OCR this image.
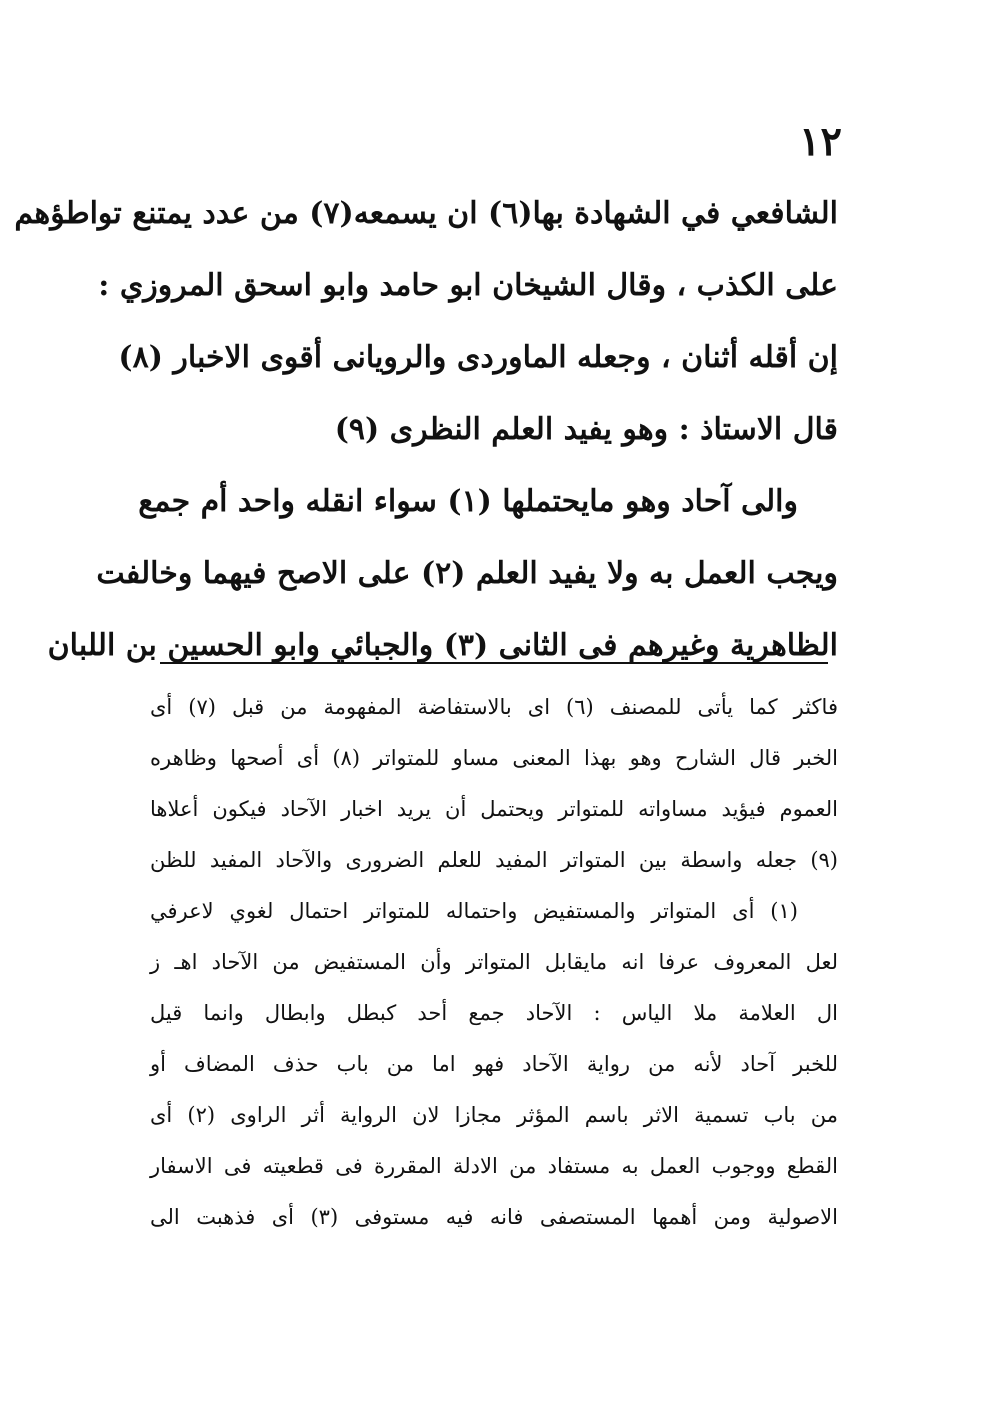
١٢
الشافعي في الشهادة بها(٦) ان يسمعه(٧) من عدد يمتنع تواطؤهم
على الكذب ، وقال الشيخان ابو حامد وابو اسحق المروزي :
إن أقله أثنان ، وجعله الماوردى والرويانى أقوى الاخبار (٨)
قال الاستاذ : وهو يفيد العلم النظرى (٩)
والى آحاد وهو مايحتملها (١) سواء انقله واحد أم جمع
ويجب العمل به ولا يفيد العلم (٢) على الاصح فيهما وخالفت
الظاهرية وغيرهم فى الثانى (٣) والجبائي وابو الحسين بن اللبان
فاكثر كما يأتى للمصنف (٦) اى بالاستفاضة المفهومة من قبل (٧) أى
الخبر قال الشارح وهو بهذا المعنى مساو للمتواتر (٨) أى أصحها وظاهره
العموم فيؤيد مساواته للمتواتر ويحتمل أن يريد اخبار الآحاد فيكون أعلاها
(٩) جعله واسطة بين المتواتر المفيد للعلم الضرورى والآحاد المفيد للظن
(١) أى المتواتر والمستفيض واحتماله للمتواتر احتمال لغوي لاعرفي
لعل المعروف عرفا انه مايقابل المتواتر وأن المستفيض من الآحاد اهـ ز
ال العلامة ملا الياس : الآحاد جمع أحد كبطل وابطال وانما قيل
للخبر آحاد لأنه من رواية الآحاد فهو اما من باب حذف المضاف أو
من باب تسمية الاثر باسم المؤثر مجازا لان الرواية أثر الراوى (٢) أى
القطع ووجوب العمل به مستفاد من الادلة المقررة فى قطعيته فى الاسفار
الاصولية ومن أهمها المستصفى فانه فيه مستوفى (٣) أى فذهبت الى
